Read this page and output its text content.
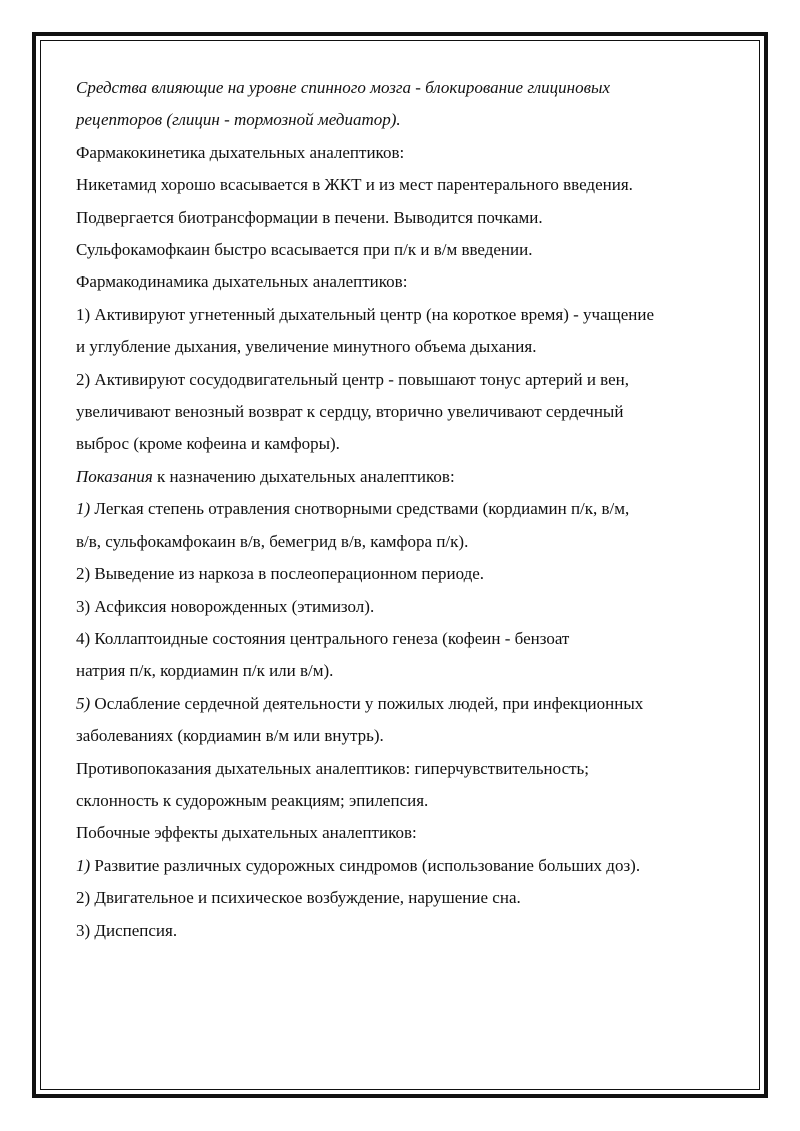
Средства влияющие на уровне спинного мозга - блокирование глициновых
рецепторов (глицин - тормозной медиатор).
Фармакокинетика дыхательных аналептиков:
Никетамид хорошо всасывается в ЖКТ и из мест парентерального введения.
Подвергается биотрансформации в печени. Выводится почками.
Сульфокамофкаин быстро всасывается при п/к и в/м введении.
Фармакодинамика дыхательных аналептиков:
1) Активируют угнетенный дыхательный центр (на короткое время) - учащение
и углубление дыхания, увеличение минутного объема дыхания.
2) Активируют сосудодвигательный центр - повышают тонус артерий и вен,
увеличивают венозный возврат к сердцу, вторично увеличивают сердечный
выброс (кроме кофеина и камфоры).
Показания к назначению дыхательных аналептиков:
1) Легкая степень отравления снотворными средствами (кордиамин п/к, в/м,
в/в, сульфокамфокаин в/в, бемегрид в/в, камфора п/к).
2) Выведение из наркоза в послеоперационном периоде.
3) Асфиксия новорожденных (этимизол).
4) Коллаптоидные состояния центрального генеза (кофеин - бензоат
натрия п/к, кордиамин п/к или в/м).
5) Ослабление сердечной деятельности у пожилых людей, при инфекционных
заболеваниях (кордиамин в/м или внутрь).
Противопоказания дыхательных аналептиков: гиперчувствительность;
склонность к судорожным реакциям; эпилепсия.
Побочные эффекты дыхательных аналептиков:
1) Развитие различных судорожных синдромов (использование больших доз).
2) Двигательное и психическое возбуждение, нарушение сна.
3) Диспепсия.
